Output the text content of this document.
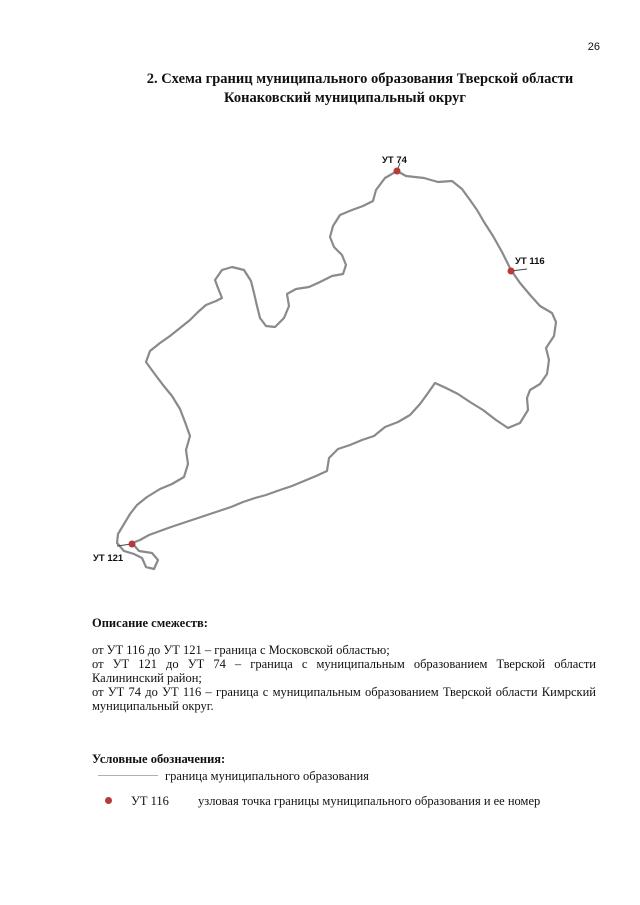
26
2. Схема границ муниципального образования Тверской области
Конаковский муниципальный округ
УТ 74
УТ 116
УТ 121
Описание смежеств:

от УТ 116 до УТ 121 – граница с Московской областью;

от УТ 121 до УТ 74 – граница с муниципальным образованием Тверской области Калининский район;

от УТ 74 до УТ 116 – граница с муниципальным образованием Тверской области Кимрский муниципальный округ.

Условные обозначения:
граница муниципального образования
УТ 116 узловая точка границы муниципального образования и ее номер
